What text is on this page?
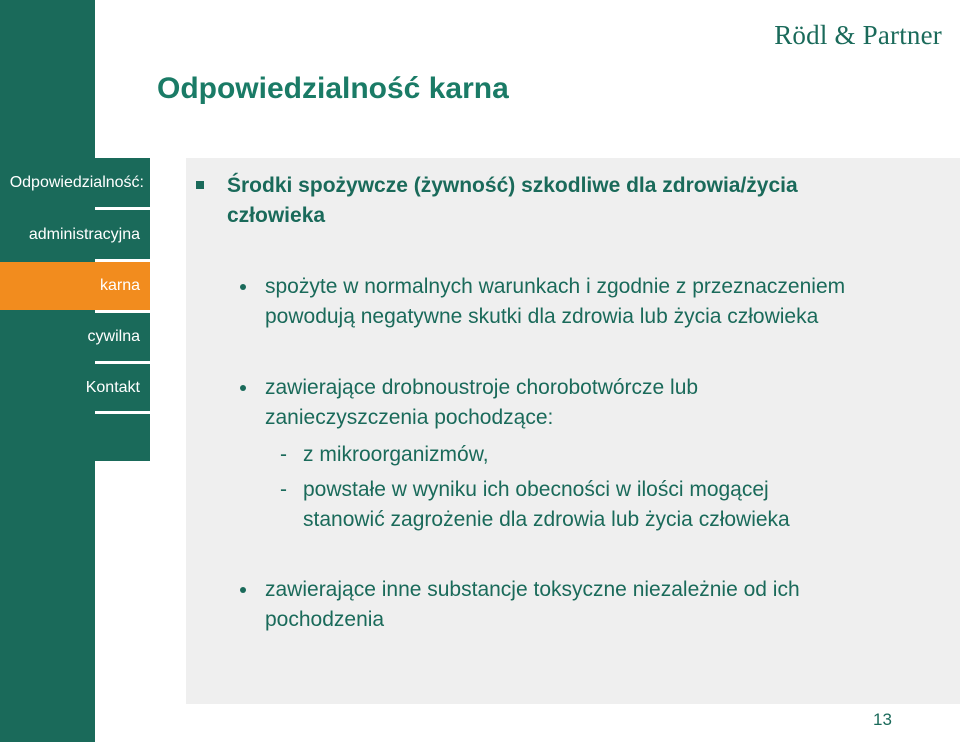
Odpowiedzialność:
administracyjna
karna
cywilna
Kontakt
Rödl & Partner
Odpowiedzialność karna
Środki spożywcze (żywność) szkodliwe dla zdrowia/życia
człowieka
spożyte w normalnych warunkach i zgodnie z przeznaczeniem
powodują negatywne skutki dla zdrowia lub życia człowieka
zawierające drobnoustroje chorobotwórcze lub
zanieczyszczenia pochodzące:
- z mikroorganizmów,
- powstałe w wyniku ich obecności w ilości mogącej
stanowić zagrożenie dla zdrowia lub życia człowieka
zawierające inne substancje toksyczne niezależnie od ich
pochodzenia
13
